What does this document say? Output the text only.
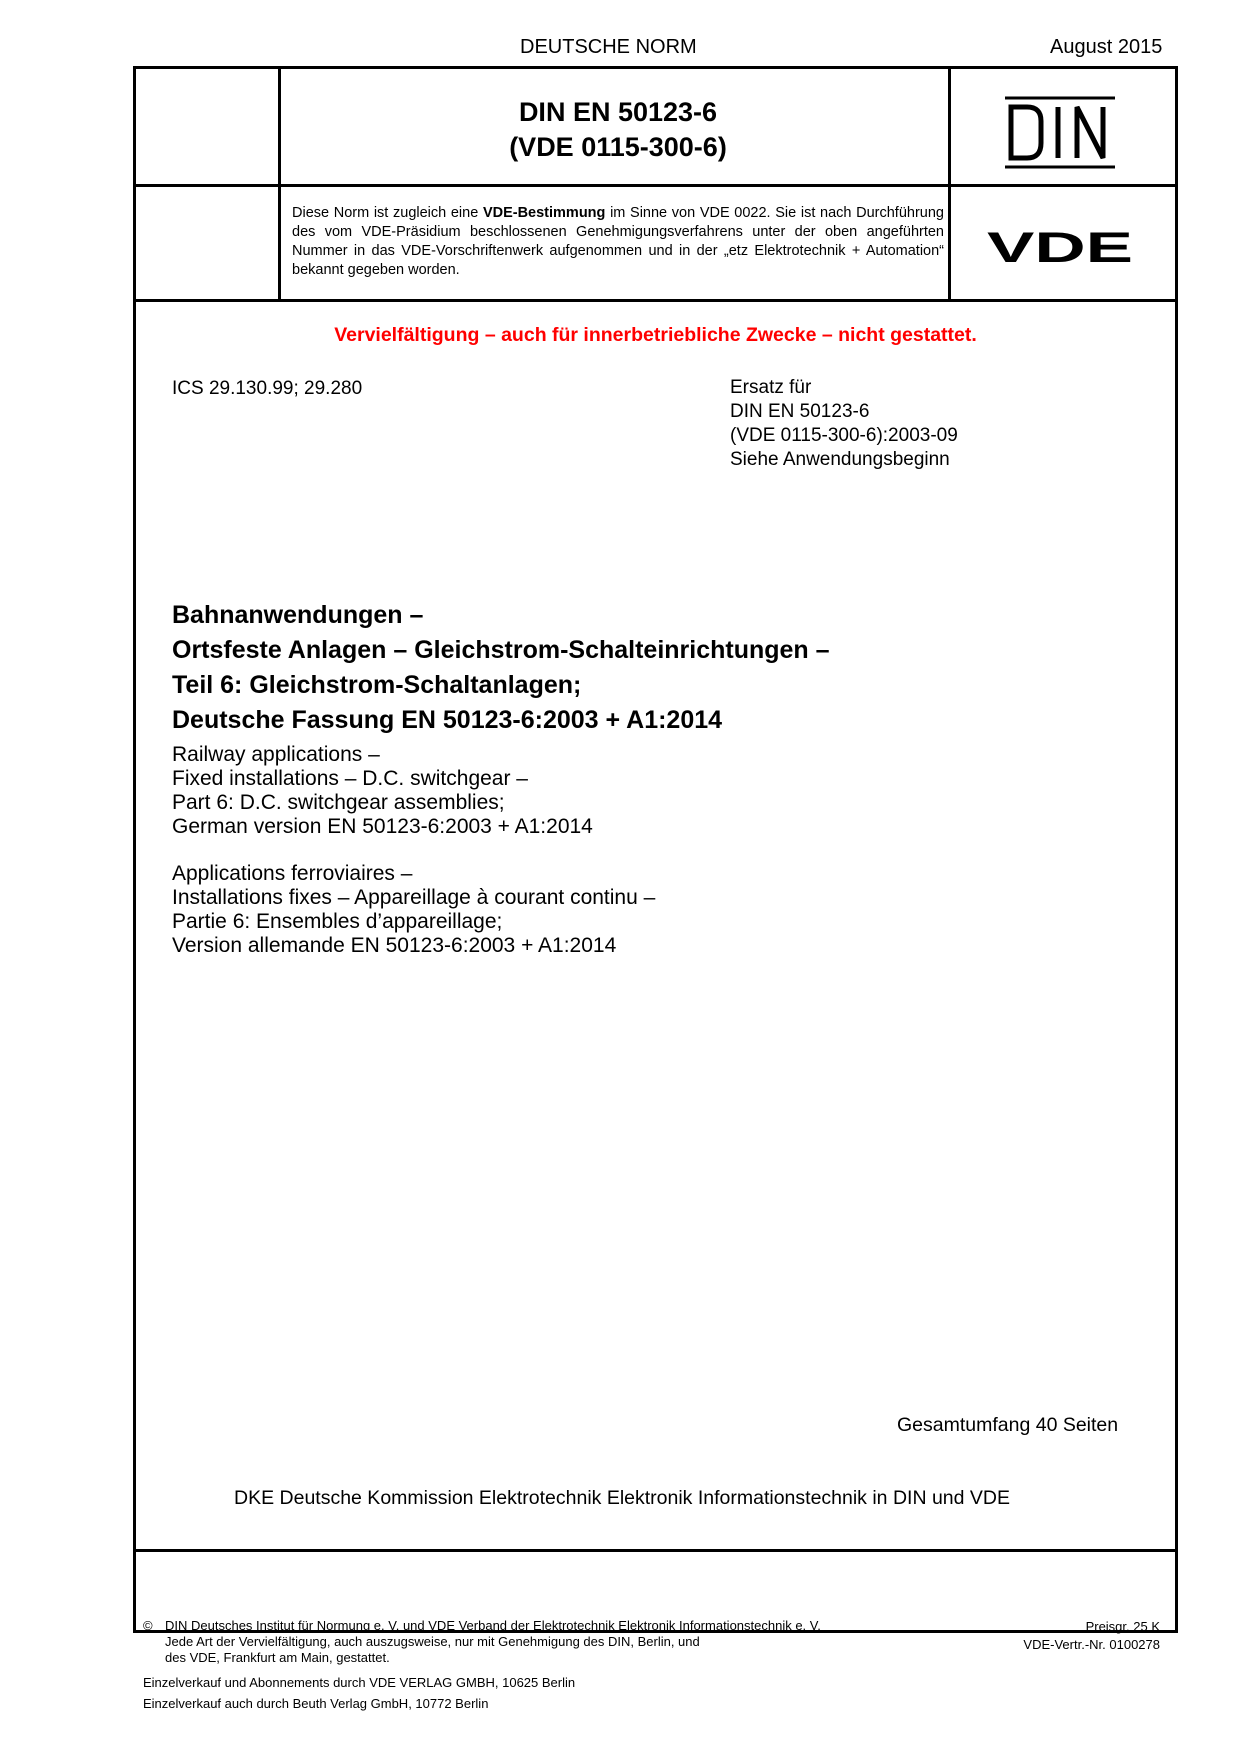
DEUTSCHE NORM	August 2015
DIN EN 50123-6
(VDE 0115-300-6)
Diese Norm ist zugleich eine VDE-Bestimmung im Sinne von VDE 0022. Sie ist nach Durchführung des vom VDE-Präsidium beschlossenen Genehmigungsverfahrens unter der oben angeführten Nummer in das VDE-Vorschriftenwerk aufgenommen und in der „etz Elektrotechnik + Automation“ bekannt gegeben worden.	VDE
Vervielfältigung – auch für innerbetriebliche Zwecke – nicht gestattet.
ICS 29.130.99; 29.280	Ersatz für
DIN EN 50123-6
(VDE 0115-300-6):2003-09
Siehe Anwendungsbeginn
Bahnanwendungen –
Ortsfeste Anlagen – Gleichstrom-Schalteinrichtungen –
Teil 6: Gleichstrom-Schaltanlagen;
Deutsche Fassung EN 50123-6:2003 + A1:2014
Railway applications –
Fixed installations – D.C. switchgear –
Part 6: D.C. switchgear assemblies;
German version EN 50123-6:2003 + A1:2014
Applications ferroviaires –
Installations fixes – Appareillage à courant continu –
Partie 6: Ensembles d’appareillage;
Version allemande EN 50123-6:2003 + A1:2014
Gesamtumfang 40 Seiten
DKE Deutsche Kommission Elektrotechnik Elektronik Informationstechnik in DIN und VDE
© DIN Deutsches Institut für Normung e. V. und VDE Verband der Elektrotechnik Elektronik Informationstechnik e. V.
Jede Art der Vervielfältigung, auch auszugsweise, nur mit Genehmigung des DIN, Berlin, und
des VDE, Frankfurt am Main, gestattet.
Preisgr. 25 K
VDE-Vertr.-Nr. 0100278
Einzelverkauf und Abonnements durch VDE VERLAG GMBH, 10625 Berlin
Einzelverkauf auch durch Beuth Verlag GmbH, 10772 Berlin
